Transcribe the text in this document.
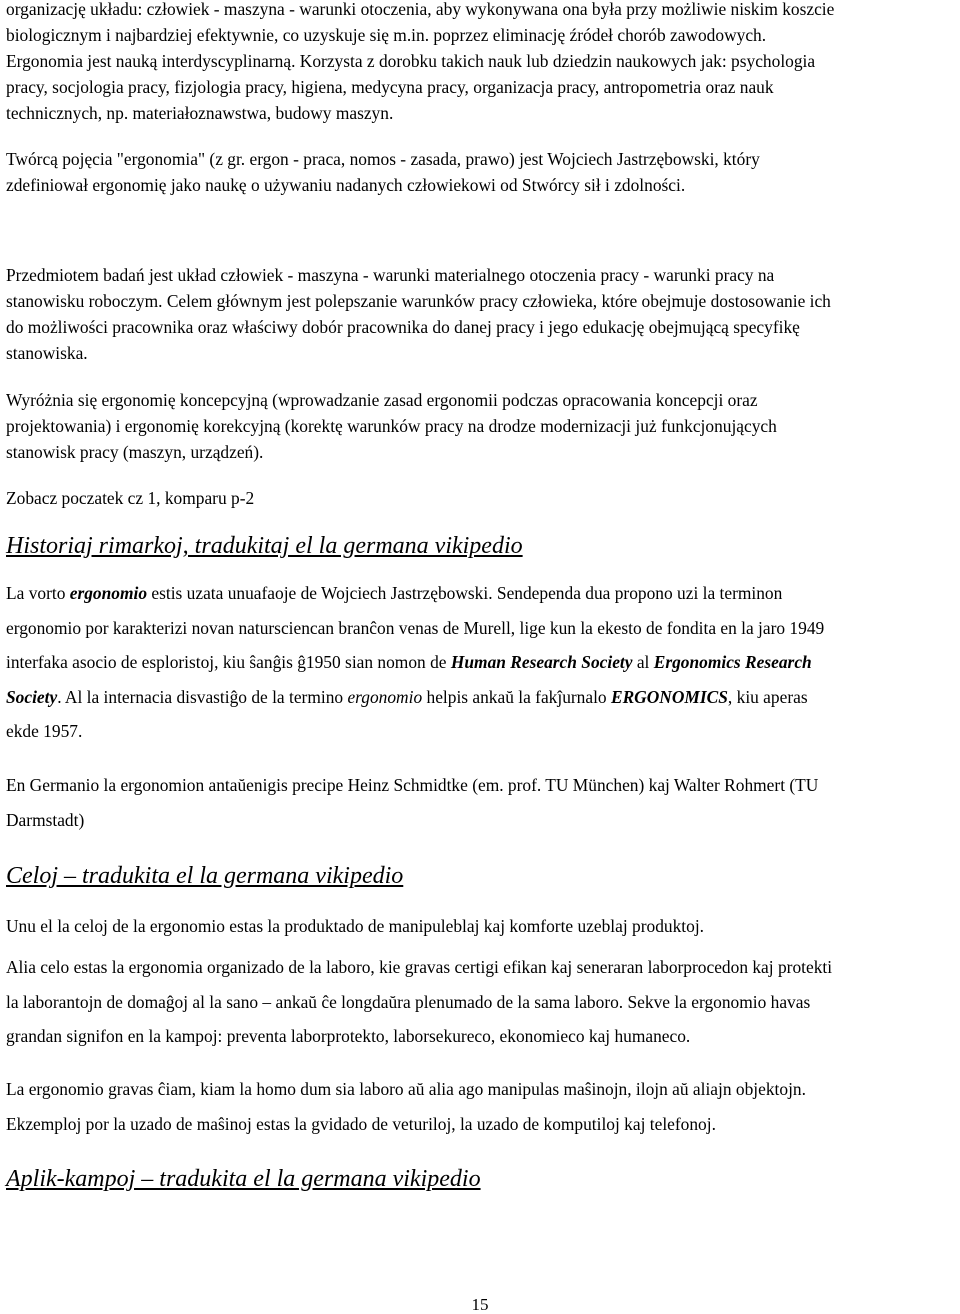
organizację układu: człowiek - maszyna - warunki otoczenia, aby wykonywana ona była przy możliwie niskim koszcie
biologicznym i najbardziej efektywnie, co uzyskuje się m.in. poprzez eliminację źródeł chorób zawodowych.
Ergonomia jest nauką interdyscyplinarną. Korzysta z dorobku takich nauk lub dziedzin naukowych jak: psychologia
pracy, socjologia pracy, fizjologia pracy, higiena, medycyna pracy, organizacja pracy, antropometria oraz nauk
technicznych, np. materiałoznawstwa, budowy maszyn.
Twórcą pojęcia "ergonomia" (z gr. ergon - praca, nomos - zasada, prawo) jest Wojciech Jastrzębowski, który
zdefiniował ergonomię jako naukę o używaniu nadanych człowiekowi od Stwórcy sił i zdolności.
Przedmiotem badań jest układ człowiek - maszyna - warunki materialnego otoczenia pracy - warunki pracy na
stanowisku roboczym. Celem głównym jest polepszanie warunków pracy człowieka, które obejmuje dostosowanie ich
do możliwości pracownika oraz właściwy dobór pracownika do danej pracy i jego edukację obejmującą specyfikę
stanowiska.
Wyróżnia się ergonomię koncepcyjną (wprowadzanie zasad ergonomii podczas opracowania koncepcji oraz
projektowania) i ergonomię korekcyjną (korektę warunków pracy na drodze modernizacji już funkcjonujących
stanowisk pracy (maszyn, urządzeń).
Zobacz poczatek cz 1, komparu p-2
Historiaj rimarkoj, tradukitaj el la germana vikipedio
La vorto ergonomio estis uzata unuafaoje de Wojciech Jastrzębowski. Sendependa dua propono uzi la terminon
ergonomio por karakterizi novan natursciencan branĉon venas de Murell, lige kun la ekesto de fondita en la jaro 1949
interfaka asocio de esploristoj, kiu ŝanĝis ĝ1950 sian nomon de Human Research Society al Ergonomics Research
Society. Al la internacia disvastiĝo de la termino ergonomio helpis ankaŭ la fakĵurnalo ERGONOMICS, kiu aperas
ekde 1957.
En Germanio la ergonomion antaŭenigis precipe Heinz Schmidtke (em. prof. TU München) kaj Walter Rohmert (TU
Darmstadt)
Celoj – tradukita el la germana vikipedio
Unu el la celoj de la ergonomio estas la produktado de manipuleblaj kaj komforte uzeblaj produktoj.
Alia celo estas la ergonomia organizado de la laboro, kie gravas certigi efikan kaj seneraran laborprocedon kaj protekti
la laborantojn de domaĝoj al la sano – ankaŭ ĉe longdaŭra plenumado de la sama laboro. Sekve la ergonomio havas
grandan signifon en la kampoj: preventa laborprotekto, laborsekureco, ekonomieco kaj humaneco.
La ergonomio gravas ĉiam, kiam la homo dum sia laboro aŭ alia ago manipulas maŝinojn, ilojn aŭ aliajn objektojn.
Ekzemploj por la uzado de maŝinoj estas la gvidado de veturiloj, la uzado de komputiloj kaj telefonoj.
Aplik-kampoj – tradukita el la germana vikipedio
15
